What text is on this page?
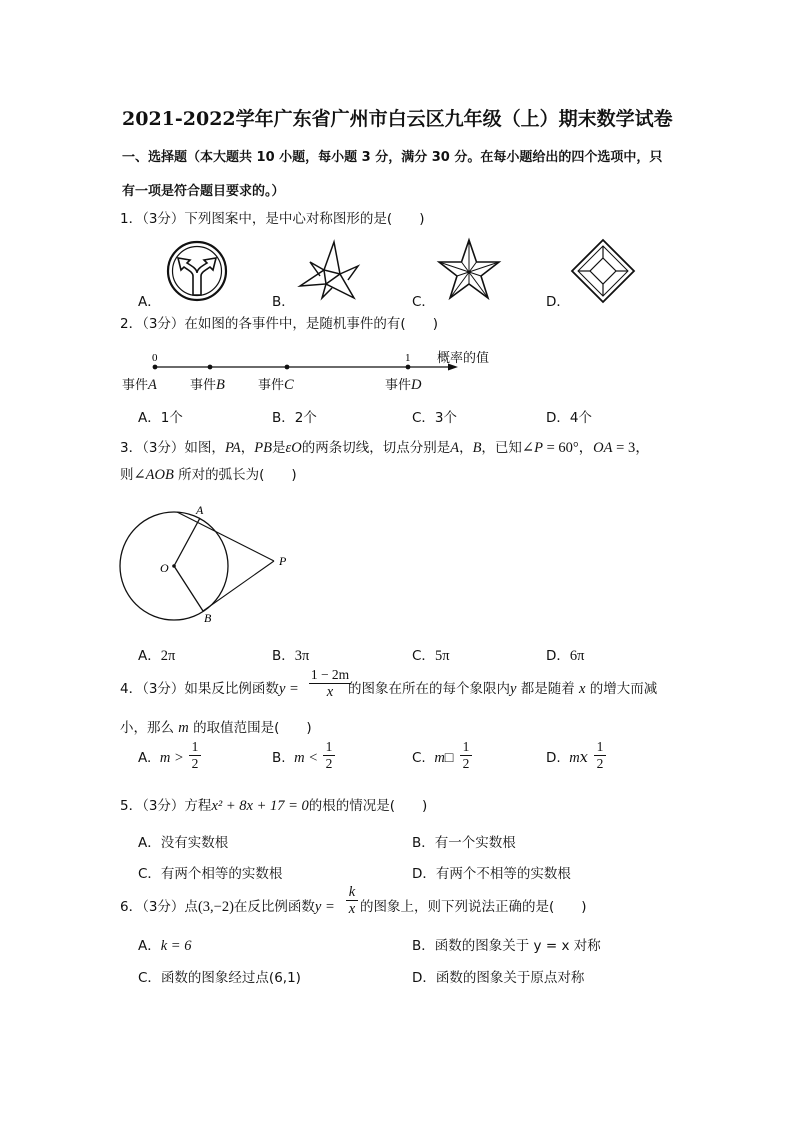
2021-2022学年广东省广州市白云区九年级（上）期末数学试卷
一、选择题（本大题共 10 小题，每小题 3 分，满分 30 分。在每小题给出的四个选项中，只
有一项是符合题目要求的。）
1．（3分）下列图案中，是中心对称图形的是(　　)
A．	B．	C．	D．
2．（3分）在如图的各事件中，是随机事件的有(　　)
0	1 概率的值
事件A	事件B	事件C	事件D
A．1个	B．2个	C．3个	D．4个
3．（3分）如图，PA，PB是εO的两条切线，切点分别是A，B，已知∠P = 60°，OA = 3，
则∠AOB 所对的弧长为(　　)
A
B
O	P
A．2π	B．3π	C．5π	D．6π
4．（3分）如果反比例函数y =
1 − 2m
x	的图象在所在的每个象限内y 都是随着 x 的增大而减
小，那么 m 的取值范围是(　　)
A. m >
1
2	B. m <
1
2	C. m□
1
2	D. m𝑥
1
2
5．（3分）方程x² + 8x + 17 = 0的根的情况是(　　)
A．没有实数根	B．有一个实数根
C．有两个相等的实数根	D．有两个不相等的实数根
6．（3分）点(3,−2)在反比例函数y =
k
x 的图象上，则下列说法正确的是(　　)
A．k = 6	B．函数的图象关于 y = x 对称
C．函数的图象经过点(6,1)	D．函数的图象关于原点对称
